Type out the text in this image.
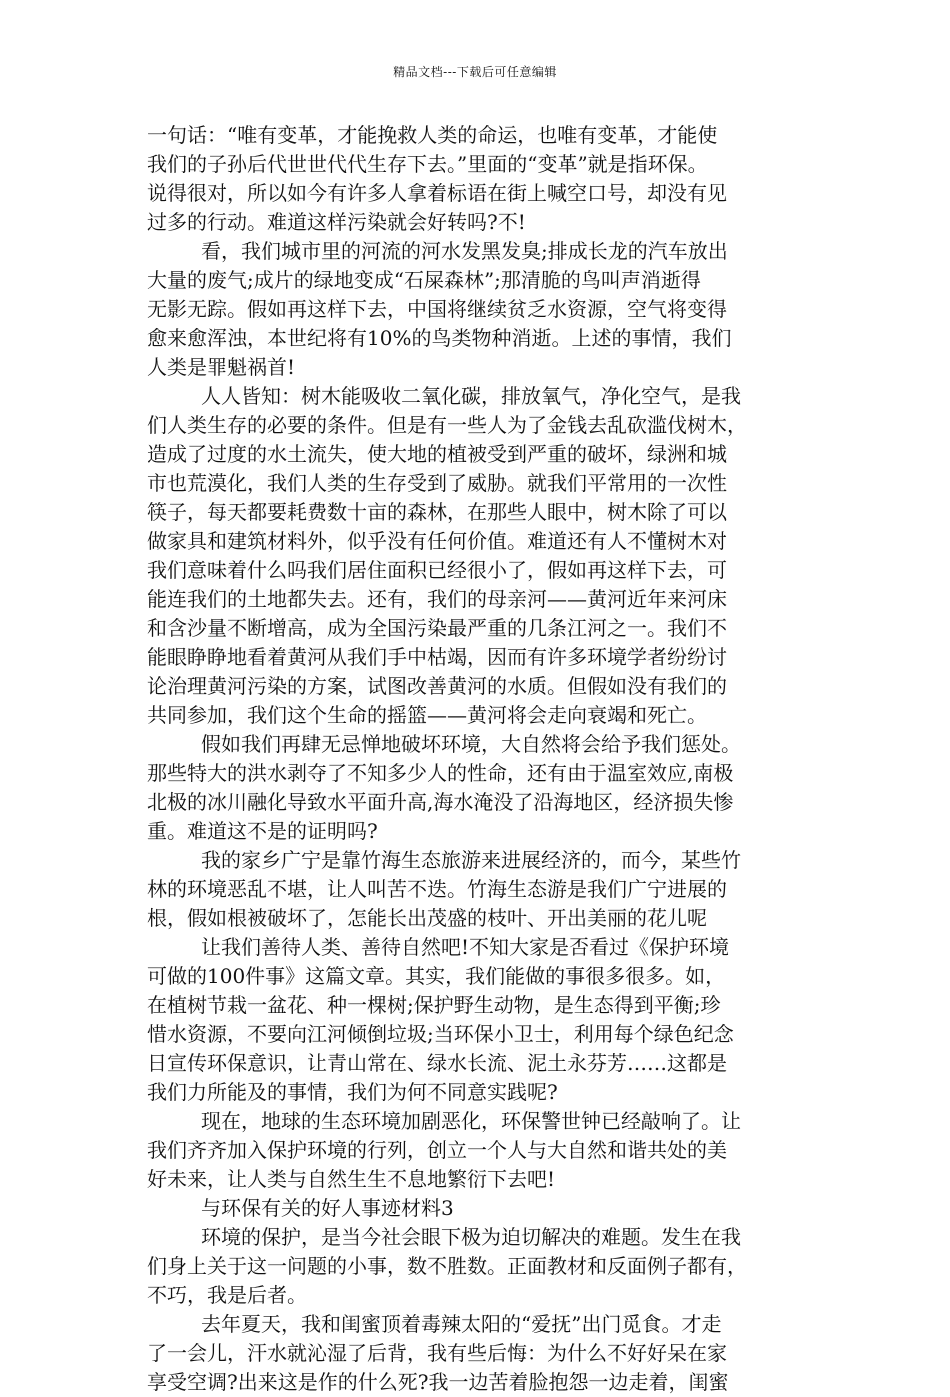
精品文档---下载后可任意编辑
一句话：“唯有变革，才能挽救人类的命运，也唯有变革，才能使
我们的子孙后代世世代代生存下去。”里面的“变革”就是指环保。
说得很对，所以如今有许多人拿着标语在街上喊空口号，却没有见
过多的行动。难道这样污染就会好转吗?不!
看，我们城市里的河流的河水发黑发臭;排成长龙的汽车放出
大量的废气;成片的绿地变成“石屎森林”;那清脆的鸟叫声消逝得
无影无踪。假如再这样下去，中国将继续贫乏水资源，空气将变得
愈来愈浑浊，本世纪将有10%的鸟类物种消逝。上述的事情，我们
人类是罪魁祸首!
人人皆知：树木能吸收二氧化碳，排放氧气，净化空气，是我
们人类生存的必要的条件。但是有一些人为了金钱去乱砍滥伐树木，
造成了过度的水土流失，使大地的植被受到严重的破坏，绿洲和城
市也荒漠化，我们人类的生存受到了威胁。就我们平常用的一次性
筷子，每天都要耗费数十亩的森林，在那些人眼中，树木除了可以
做家具和建筑材料外，似乎没有任何价值。难道还有人不懂树木对
我们意味着什么吗我们居住面积已经很小了，假如再这样下去，可
能连我们的土地都失去。还有，我们的母亲河——黄河近年来河床
和含沙量不断增高，成为全国污染最严重的几条江河之一。我们不
能眼睁睁地看着黄河从我们手中枯竭，因而有许多环境学者纷纷讨
论治理黄河污染的方案，试图改善黄河的水质。但假如没有我们的
共同参加，我们这个生命的摇篮——黄河将会走向衰竭和死亡。
假如我们再肆无忌惮地破坏环境，大自然将会给予我们惩处。
那些特大的洪水剥夺了不知多少人的性命，还有由于温室效应,南极
北极的冰川融化导致水平面升高,海水淹没了沿海地区，经济损失惨
重。难道这不是的证明吗?
我的家乡广宁是靠竹海生态旅游来进展经济的，而今，某些竹
林的环境恶乱不堪，让人叫苦不迭。竹海生态游是我们广宁进展的
根，假如根被破坏了，怎能长出茂盛的枝叶、开出美丽的花儿呢
让我们善待人类、善待自然吧!不知大家是否看过《保护环境
可做的100件事》这篇文章。其实，我们能做的事很多很多。如，
在植树节栽一盆花、种一棵树;保护野生动物，是生态得到平衡;珍
惜水资源，不要向江河倾倒垃圾;当环保小卫士，利用每个绿色纪念
日宣传环保意识，让青山常在、绿水长流、泥土永芬芳……这都是
我们力所能及的事情，我们为何不同意实践呢?
现在，地球的生态环境加剧恶化，环保警世钟已经敲响了。让
我们齐齐加入保护环境的行列，创立一个人与大自然和谐共处的美
好未来，让人类与自然生生不息地繁衍下去吧!
与环保有关的好人事迹材料3
环境的保护，是当今社会眼下极为迫切解决的难题。发生在我
们身上关于这一问题的小事，数不胜数。正面教材和反面例子都有，
不巧，我是后者。
去年夏天，我和闺蜜顶着毒辣太阳的“爱抚”出门觅食。才走
了一会儿，汗水就沁湿了后背，我有些后悔：为什么不好好呆在家
享受空调?出来这是作的什么死?我一边苦着脸抱怨一边走着，闺蜜
